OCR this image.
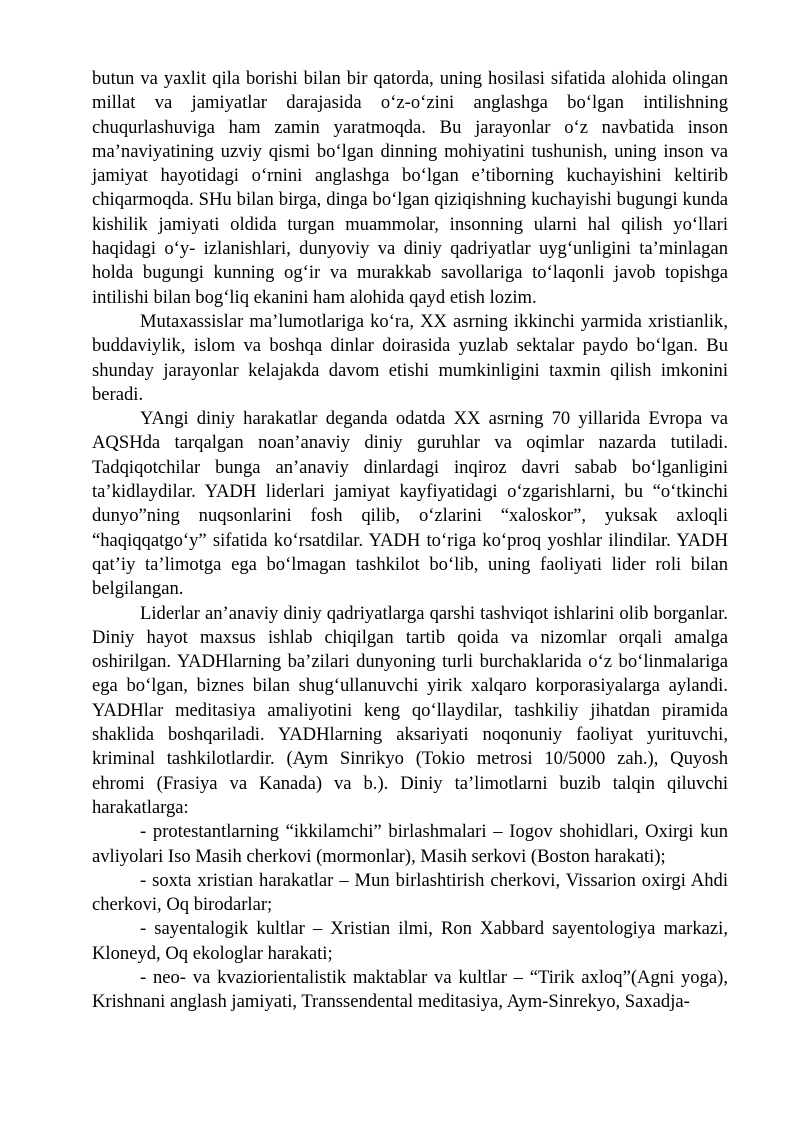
butun va yaxlit qila borishi bilan bir qatorda, uning hosilasi sifatida alohida olingan millat va jamiyatlar darajasida o‘z-o‘zini anglashga bo‘lgan intilishning chuqurlashuviga ham zamin yaratmoqda. Bu jarayonlar o‘z navbatida inson ma’naviyatining uzviy qismi bo‘lgan dinning mohiyatini tushunish, uning inson va jamiyat hayotidagi o‘rnini anglashga bo‘lgan e’tiborning kuchayishini keltirib chiqarmoqda. SHu bilan birga, dinga bo‘lgan qiziqishning kuchayishi bugungi kunda kishilik jamiyati oldida turgan muammolar, insonning ularni hal qilish yo‘llari haqidagi o‘y- izlanishlari, dunyoviy va diniy qadriyatlar uyg‘unligini ta’minlagan holda bugungi kunning og‘ir va murakkab savollariga to‘laqonli javob topishga intilishi bilan bog‘liq ekanini ham alohida qayd etish lozim.

Mutaxassislar ma’lumotlariga ko‘ra, XX asrning ikkinchi yarmida xristianlik, buddaviylik, islom va boshqa dinlar doirasida yuzlab sektalar paydo bo‘lgan. Bu shunday jarayonlar kelajakda davom etishi mumkinligini taxmin qilish imkonini beradi.

YAngi diniy harakatlar deganda odatda XX asrning 70 yillarida Evropa va AQSHda tarqalgan noan’anaviy diniy guruhlar va oqimlar nazarda tutiladi. Tadqiqotchilar bunga an’anaviy dinlardagi inqiroz davri sabab bo‘lganligini ta’kidlaydilar. YADH liderlari jamiyat kayfiyatidagi o‘zgarishlarni, bu “o‘tkinchi dunyo”ning nuqsonlarini fosh qilib, o‘zlarini “xaloskor”, yuksak axloqli “haqiqqatgo‘y” sifatida ko‘rsatdilar. YADH to‘riga ko‘proq yoshlar ilindilar. YADH qat’iy ta’limotga ega bo‘lmagan tashkilot bo‘lib, uning faoliyati lider roli bilan belgilangan.

Liderlar an’anaviy diniy qadriyatlarga qarshi tashviqot ishlarini olib borganlar. Diniy hayot maxsus ishlab chiqilgan tartib qoida va nizomlar orqali amalga oshirilgan. YADHlarning ba’zilari dunyoning turli burchaklarida o‘z bo‘linmalariga ega bo‘lgan, biznes bilan shug‘ullanuvchi yirik xalqaro korporasiyalarga aylandi. YADHlar meditasiya amaliyotini keng qo‘llaydilar, tashkiliy jihatdan piramida shaklida boshqariladi. YADHlarning aksariyati noqonuniy faoliyat yurituvchi, kriminal tashkilotlardir. (Aym Sinrikyo (Tokio metrosi 10/5000 zah.), Quyosh ehromi (Frasiya va Kanada) va b.). Diniy ta’limotlarni buzib talqin qiluvchi harakatlarga:

- protestantlarning “ikkilamchi” birlashmalari – Iogov shohidlari, Oxirgi kun avliyolari Iso Masih cherkovi (mormonlar), Masih serkovi (Boston harakati);

- soxta xristian harakatlar – Mun birlashtirish cherkovi, Vissarion oxirgi Ahdi cherkovi, Oq birodarlar;

- sayentalogik kultlar – Xristian ilmi, Ron Xabbard sayentologiya markazi, Kloneyd, Oq ekologlar harakati;

- neo- va kvaziorientalistik maktablar va kultlar – “Tirik axloq”(Agni yoga), Krishnani anglash jamiyati, Transsendental meditasiya, Aym-Sinrekyo, Saxadja-
